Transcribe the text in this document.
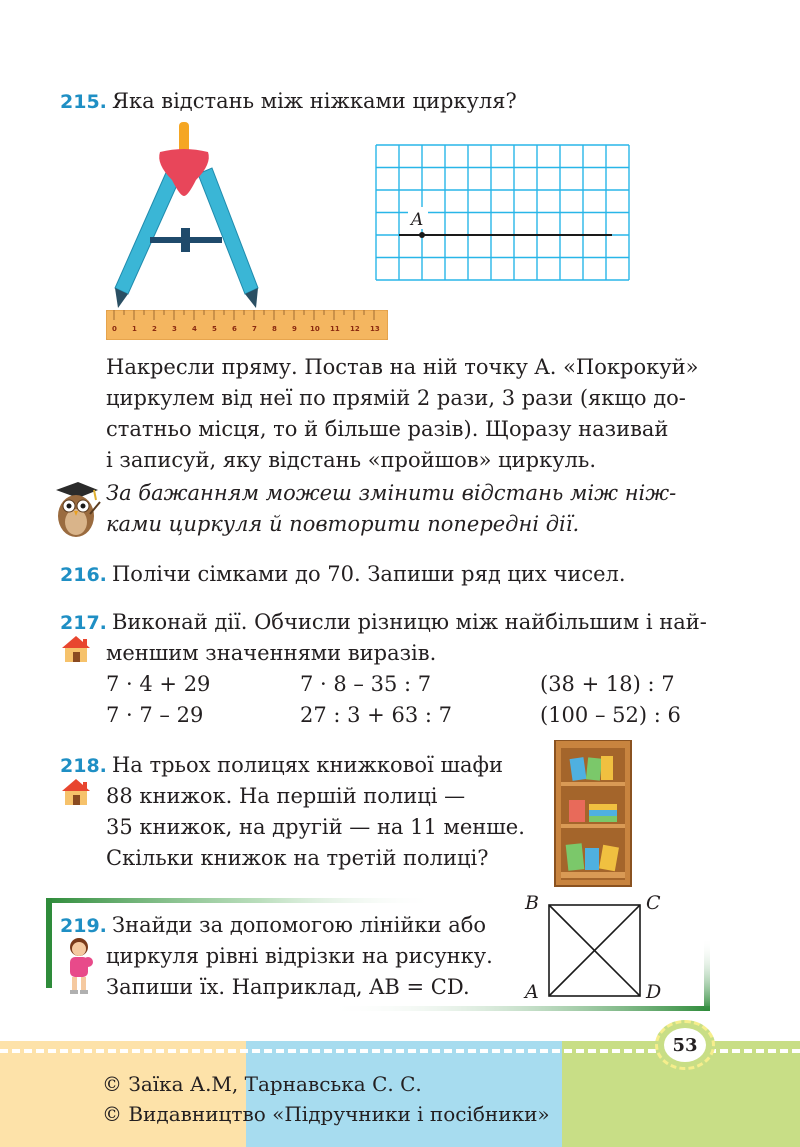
215. Яка відстань між ніжками циркуля?
0 1 2 3 4 5 6 7 8 9 10 11 12 13
A
Накресли пряму. Постав на ній точку A. «Покрокуй»
циркулем від неї по прямій 2 рази, 3 рази (якщо до-
статньо місця, то й більше разів). Щоразу називай
і записуй, яку відстань «пройшов» циркуль.
За бажанням можеш змінити відстань між ніж-
ками циркуля й повторити попередні дії.
216. Полічи сімками до 70. Запиши ряд цих чисел.
217. Виконай дії. Обчисли різницю між найбільшим і най-
меншим значеннями виразів.
7 · 4 + 29	7 · 8 – 35 : 7	(38 + 18) : 7
7 · 7 – 29	27 : 3 + 63 : 7	(100 – 52) : 6
218. На трьох полицях книжкової шафи
88 книжок. На першій полиці —
35 книжок, на другій — на 11 менше.
Скільки книжок на третій полиці?
219. Знайди за допомогою лінійки або
циркуля рівні відрізки на рисунку.
Запиши їх. Наприклад, AB = CD.
B	C
A	D
53
© Заїка А.М, Тарнавська С. С.
© Видавництво «Підручники і посібники»
